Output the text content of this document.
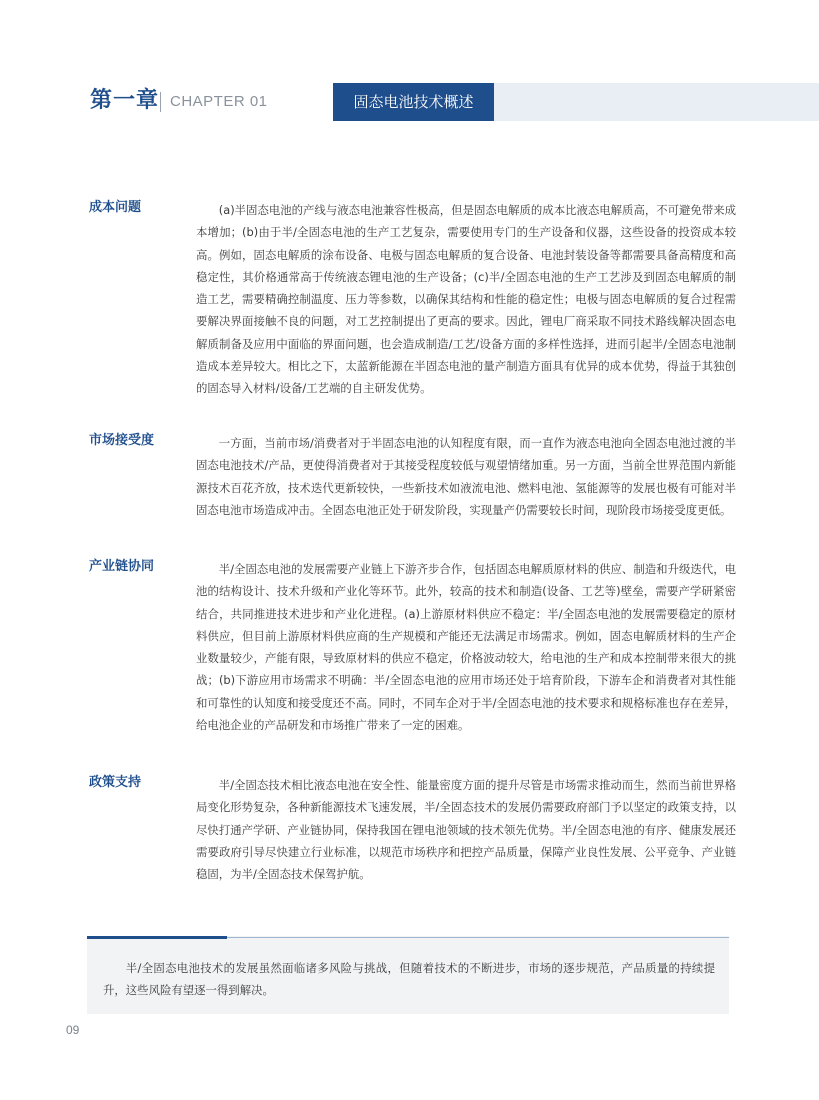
第一章 CHAPTER 01	固态电池技术概述
成本问题	(a)半固态电池的产线与液态电池兼容性极高，但是固态电解质的成本比液态电解质高，不可避免带来成本增加；(b)由于半/全固态电池的生产工艺复杂，需要使用专门的生产设备和仪器，这些设备的投资成本较高。例如，固态电解质的涂布设备、电极与固态电解质的复合设备、电池封装设备等都需要具备高精度和高稳定性，其价格通常高于传统液态锂电池的生产设备；(c)半/全固态电池的生产工艺涉及到固态电解质的制造工艺，需要精确控制温度、压力等参数，以确保其结构和性能的稳定性；电极与固态电解质的复合过程需要解决界面接触不良的问题，对工艺控制提出了更高的要求。因此，锂电厂商采取不同技术路线解决固态电解质制备及应用中面临的界面问题，也会造成制造/工艺/设备方面的多样性选择，进而引起半/全固态电池制造成本差异较大。相比之下，太蓝新能源在半固态电池的量产制造方面具有优异的成本优势，得益于其独创的固态导入材料/设备/工艺端的自主研发优势。

市场接受度	一方面，当前市场/消费者对于半固态电池的认知程度有限，而一直作为液态电池向全固态电池过渡的半固态电池技术/产品，更使得消费者对于其接受程度较低与观望情绪加重。另一方面，当前全世界范围内新能源技术百花齐放，技术迭代更新较快，一些新技术如液流电池、燃料电池、氢能源等的发展也极有可能对半固态电池市场造成冲击。全固态电池正处于研发阶段，实现量产仍需要较长时间，现阶段市场接受度更低。

产业链协同	半/全固态电池的发展需要产业链上下游齐步合作，包括固态电解质原材料的供应、制造和升级迭代，电池的结构设计、技术升级和产业化等环节。此外，较高的技术和制造(设备、工艺等)壁垒，需要产学研紧密结合，共同推进技术进步和产业化进程。(a)上游原材料供应不稳定：半/全固态电池的发展需要稳定的原材料供应，但目前上游原材料供应商的生产规模和产能还无法满足市场需求。例如，固态电解质材料的生产企业数量较少，产能有限，导致原材料的供应不稳定，价格波动较大，给电池的生产和成本控制带来很大的挑战；(b)下游应用市场需求不明确：半/全固态电池的应用市场还处于培育阶段，下游车企和消费者对其性能和可靠性的认知度和接受度还不高。同时，不同车企对于半/全固态电池的技术要求和规格标准也存在差异，给电池企业的产品研发和市场推广带来了一定的困难。

政策支持	半/全固态技术相比液态电池在安全性、能量密度方面的提升尽管是市场需求推动而生，然而当前世界格局变化形势复杂，各种新能源技术飞速发展，半/全固态技术的发展仍需要政府部门予以坚定的政策支持，以尽快打通产学研、产业链协同，保持我国在锂电池领域的技术领先优势。半/全固态电池的有序、健康发展还需要政府引导尽快建立行业标准，以规范市场秩序和把控产品质量，保障产业良性发展、公平竞争、产业链稳固，为半/全固态技术保驾护航。

半/全固态电池技术的发展虽然面临诸多风险与挑战，但随着技术的不断进步，市场的逐步规范，产品质量的持续提升，这些风险有望逐一得到解决。

09
